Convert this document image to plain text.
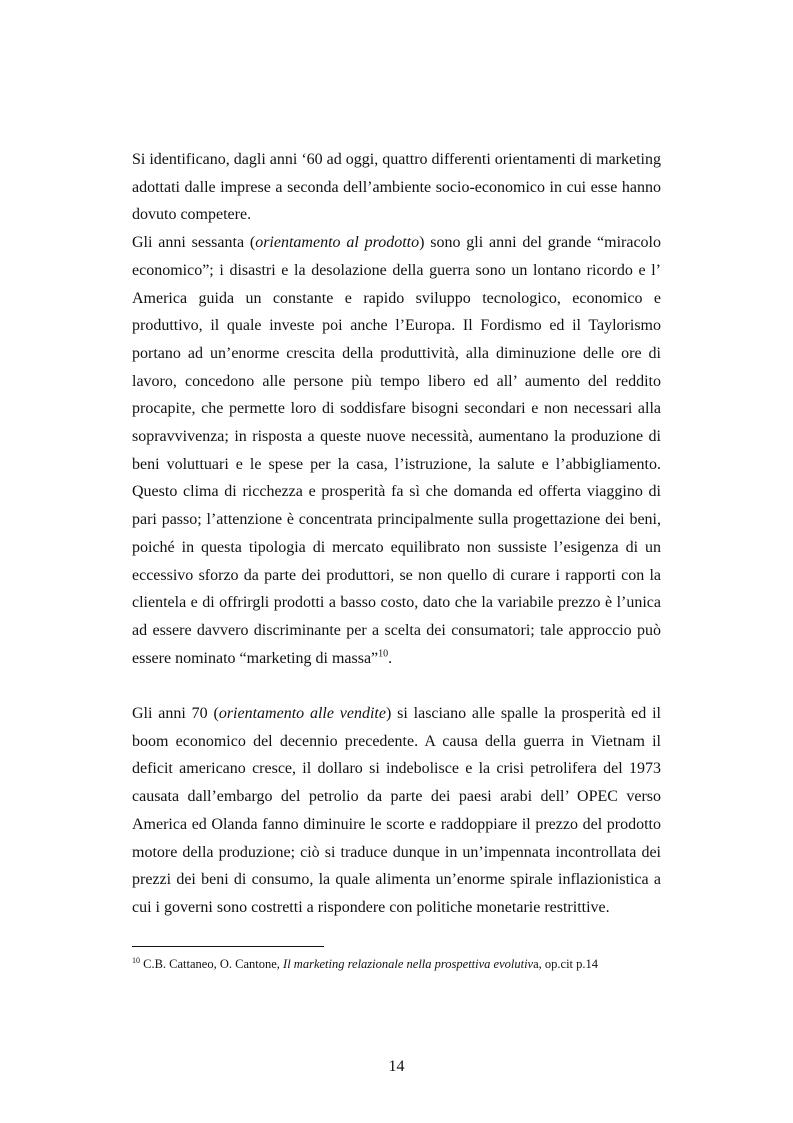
Si identificano, dagli anni ‘60 ad oggi, quattro differenti orientamenti di marketing adottati dalle imprese a seconda dell’ambiente socio-economico in cui esse hanno dovuto competere.

Gli anni sessanta (orientamento al prodotto) sono gli anni del grande “miracolo economico”; i disastri e la desolazione della guerra sono un lontano ricordo e l’ America guida un constante e rapido sviluppo tecnologico, economico e produttivo, il quale investe poi anche l’Europa. Il Fordismo ed il Taylorismo portano ad un’enorme crescita della produttività, alla diminuzione delle ore di lavoro, concedono alle persone più tempo libero ed all’ aumento del reddito procapite, che permette loro di soddisfare bisogni secondari e non necessari alla sopravvivenza; in risposta a queste nuove necessità, aumentano la produzione di beni voluttuari e le spese per la casa, l’istruzione, la salute e l’abbigliamento. Questo clima di ricchezza e prosperità fa sì che domanda ed offerta viaggino di pari passo; l’attenzione è concentrata principalmente sulla progettazione dei beni, poiché in questa tipologia di mercato equilibrato non sussiste l’esigenza di un eccessivo sforzo da parte dei produttori, se non quello di curare i rapporti con la clientela e di offrirgli prodotti a basso costo, dato che la variabile prezzo è l’unica ad essere davvero discriminante per a scelta dei consumatori; tale approccio può essere nominato “marketing di massa”$^{10}$.

Gli anni 70 (orientamento alle vendite) si lasciano alle spalle la prosperità ed il boom economico del decennio precedente. A causa della guerra in Vietnam il deficit americano cresce, il dollaro si indebolisce e la crisi petrolifera del 1973 causata dall’embargo del petrolio da parte dei paesi arabi dell’ OPEC verso America ed Olanda fanno diminuire le scorte e raddoppiare il prezzo del prodotto motore della produzione; ciò si traduce dunque in un’impennata incontrollata dei prezzi dei beni di consumo, la quale alimenta un’enorme spirale inflazionistica a cui i governi sono costretti a rispondere con politiche monetarie restrittive.

$^{10}$ C.B. Cattaneo, O. Cantone, Il marketing relazionale nella prospettiva evolutiva, op.cit p.14
14
